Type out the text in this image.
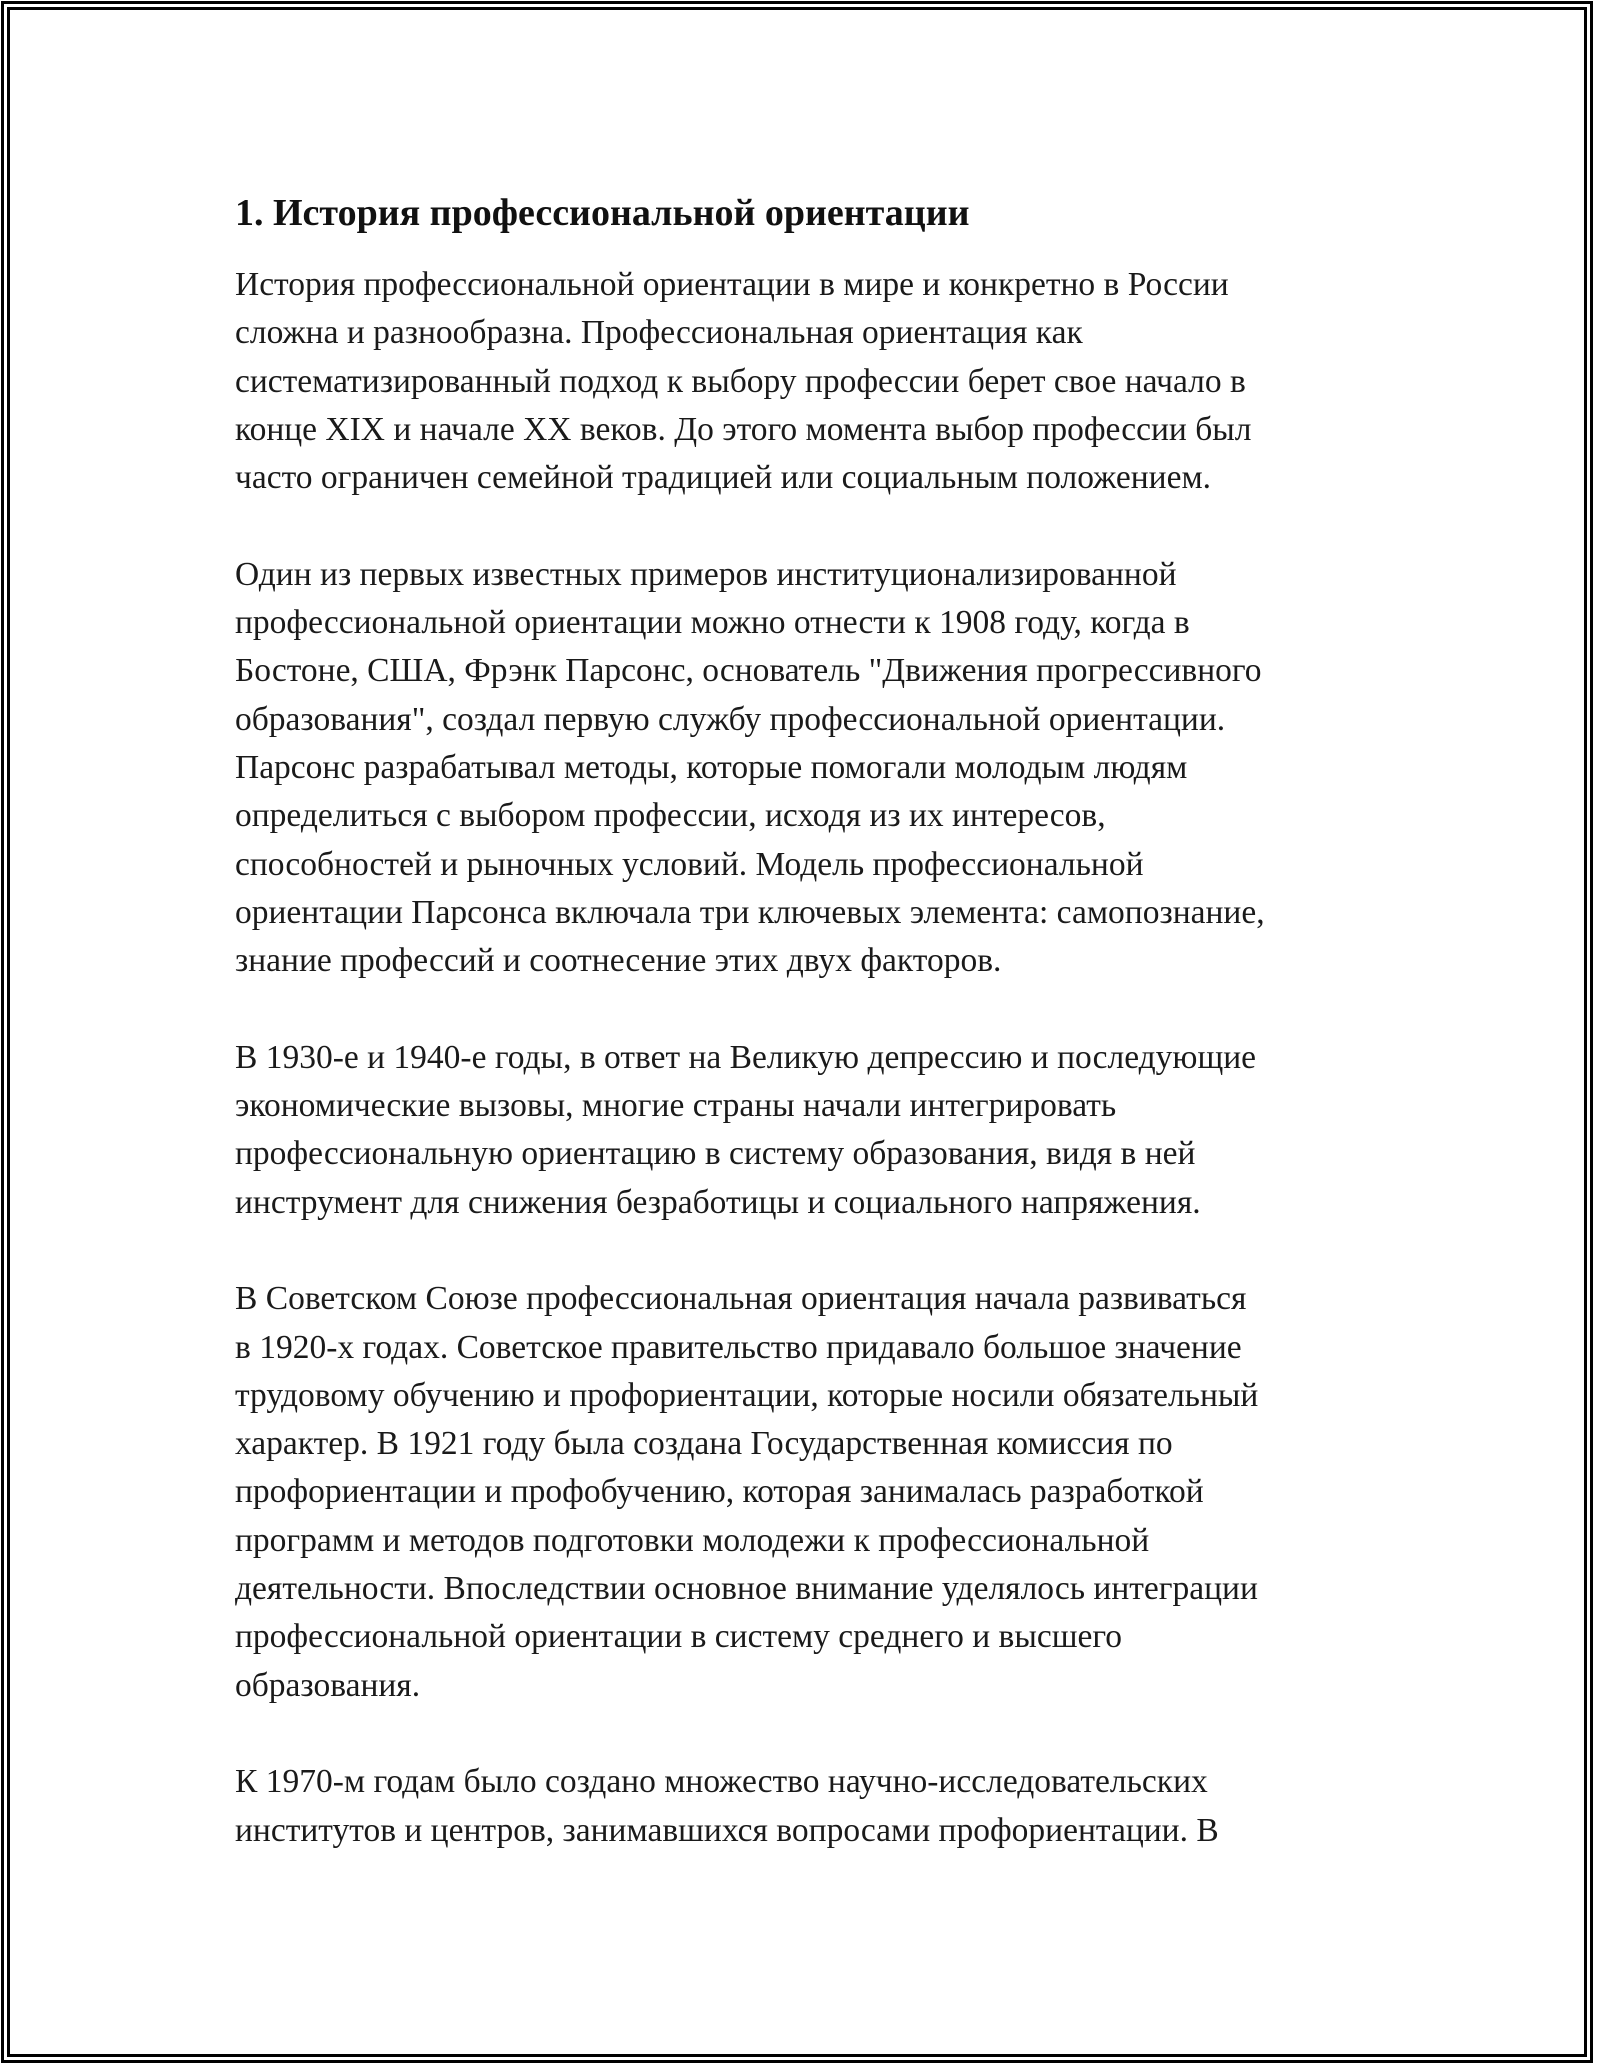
1. История профессиональной ориентации

История профессиональной ориентации в мире и конкретно в России
сложна и разнообразна. Профессиональная ориентация как
систематизированный подход к выбору профессии берет свое начало в
конце XIX и начале XX веков. До этого момента выбор профессии был
часто ограничен семейной традицией или социальным положением.

Один из первых известных примеров институционализированной
профессиональной ориентации можно отнести к 1908 году, когда в
Бостоне, США, Фрэнк Парсонс, основатель "Движения прогрессивного
образования", создал первую службу профессиональной ориентации.
Парсонс разрабатывал методы, которые помогали молодым людям
определиться с выбором профессии, исходя из их интересов,
способностей и рыночных условий. Модель профессиональной
ориентации Парсонса включала три ключевых элемента: самопознание,
знание профессий и соотнесение этих двух факторов.

В 1930-е и 1940-е годы, в ответ на Великую депрессию и последующие
экономические вызовы, многие страны начали интегрировать
профессиональную ориентацию в систему образования, видя в ней
инструмент для снижения безработицы и социального напряжения.

В Советском Союзе профессиональная ориентация начала развиваться
в 1920-х годах. Советское правительство придавало большое значение
трудовому обучению и профориентации, которые носили обязательный
характер. В 1921 году была создана Государственная комиссия по
профориентации и профобучению, которая занималась разработкой
программ и методов подготовки молодежи к профессиональной
деятельности. Впоследствии основное внимание уделялось интеграции
профессиональной ориентации в систему среднего и высшего
образования.

К 1970-м годам было создано множество научно-исследовательских
институтов и центров, занимавшихся вопросами профориентации. В
